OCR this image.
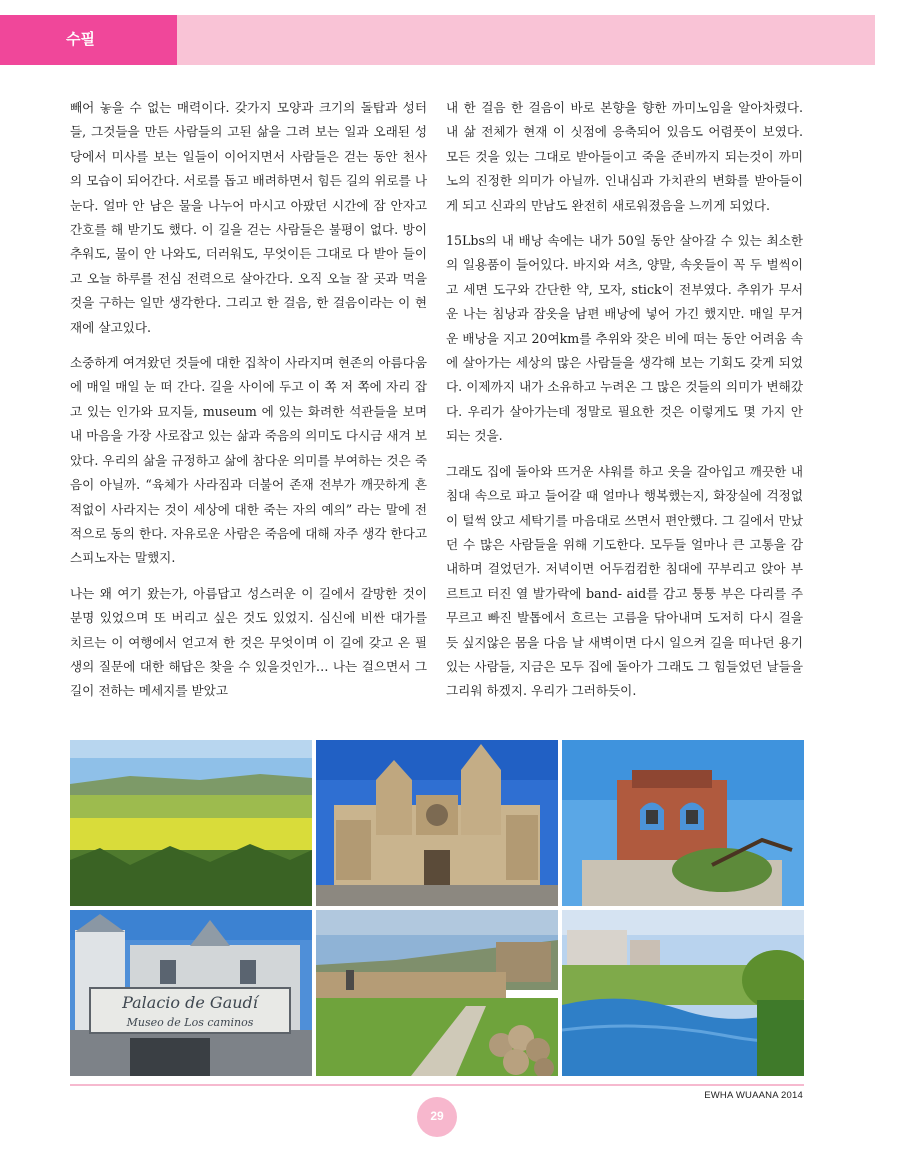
수필

빼어 놓을 수 없는 매력이다. 갖가지 모양과 크기의 돌탑과 성터들, 그것들을 만든 사람들의 고된 삶을 그려 보는 일과 오래된 성당에서 미사를 보는 일들이 이어지면서 사람들은 걷는 동안 천사의 모습이 되어간다. 서로를 돕고 배려하면서 힘든 길의 위로를 나눈다. 얼마 안 남은 물을 나누어 마시고 아팠던 시간에 잠 안자고 간호를 해 받기도 했다. 이 길을 걷는 사람들은 불평이 없다. 방이 추워도, 물이 안 나와도, 더러워도, 무엇이든 그대로 다 받아 들이고 오늘 하루를 전심 전력으로 살아간다. 오직 오늘 잘 곳과 먹을 것을 구하는 일만 생각한다. 그리고 한 걸음, 한 걸음이라는 이 현재에 살고있다.

소중하게 여겨왔던 것들에 대한 집착이 사라지며 현존의 아름다움에 매일 매일 눈 떠 간다. 길을 사이에 두고 이 쪽 저 쪽에 자리 잡고 있는 인가와 묘지들, museum 에 있는 화려한 석관들을 보며 내 마음을 가장 사로잡고 있는 삶과 죽음의 의미도 다시금 새겨 보았다. 우리의 삶을 규정하고 삶에 참다운 의미를 부여하는 것은 죽음이 아닐까. “육체가 사라짐과 더불어 존재 전부가 깨끗하게 흔적없이 사라지는 것이 세상에 대한 죽는 자의 예의” 라는 말에 전적으로 동의 한다. 자유로운 사람은 죽음에 대해 자주 생각 한다고 스피노자는 말했지.

나는 왜 여기 왔는가, 아름답고 성스러운 이 길에서 갈망한 것이 분명 있었으며 또 버리고 싶은 것도 있었지. 심신에 비싼 대가를 치르는 이 여행에서 얻고져 한 것은 무엇이며 이 길에 갖고 온 필생의 질문에 대한 해답은 찾을 수 있을것인가… 나는 걸으면서 그 길이 전하는 메세지를 받았고

내 한 걸음 한 걸음이 바로 본향을 향한 까미노임을 알아차렸다. 내 삶 전체가 현재 이 싯점에 응축되어 있음도 어렴풋이 보였다. 모든 것을 있는 그대로 받아들이고 죽을 준비까지 되는것이 까미노의 진정한 의미가 아닐까. 인내심과 가치관의 변화를 받아들이게 되고 신과의 만남도 완전히 새로워졌음을 느끼게 되었다.

15Lbs의 내 배낭 속에는 내가 50일 동안 살아갈 수 있는 최소한의 일용품이 들어있다. 바지와 셔츠, 양말, 속옷들이 꼭 두 벌씩이고 세면 도구와 간단한 약, 모자, stick이 전부였다. 추위가 무서운 나는 침낭과 잠옷을 남편 배낭에 넣어 가긴 했지만. 매일 무거운 배낭을 지고 20여km를 추위와 잦은 비에 떠는 동안 어려움 속에 살아가는 세상의 많은 사람들을 생각해 보는 기회도 갖게 되었다. 이제까지 내가 소유하고 누려온 그 많은 것들의 의미가 변해갔다. 우리가 살아가는데 정말로 필요한 것은 이렇게도 몇 가지 안 되는 것을.

그래도 집에 돌아와 뜨거운 샤워를 하고 옷을 갈아입고 깨끗한 내 침대 속으로 파고 들어갈 때 얼마나 행복했는지, 화장실에 걱정없이 털썩 앉고 세탁기를 마음대로 쓰면서 편안했다. 그 길에서 만났던 수 많은 사람들을 위해 기도한다. 모두들 얼마나 큰 고통을 감내하며 걸었던가. 저녁이면 어두컴컴한 침대에 꾸부리고 앉아 부르트고 터진 열 발가락에 band- aid를 감고 퉁퉁 부은 다리를 주무르고 빠진 발톱에서 흐르는 고름을 닦아내며 도저히 다시 걸을 듯 싶지않은 몸을 다음 날 새벽이면 다시 일으켜 길을 떠나던 용기 있는 사람들, 지금은 모두 집에 돌아가 그래도 그 힘들었던 날들을 그리워 하겠지. 우리가 그러하듯이.

Palacio de Gaudí
Museo de Los caminos
EWHA WUAANA 2014
29
